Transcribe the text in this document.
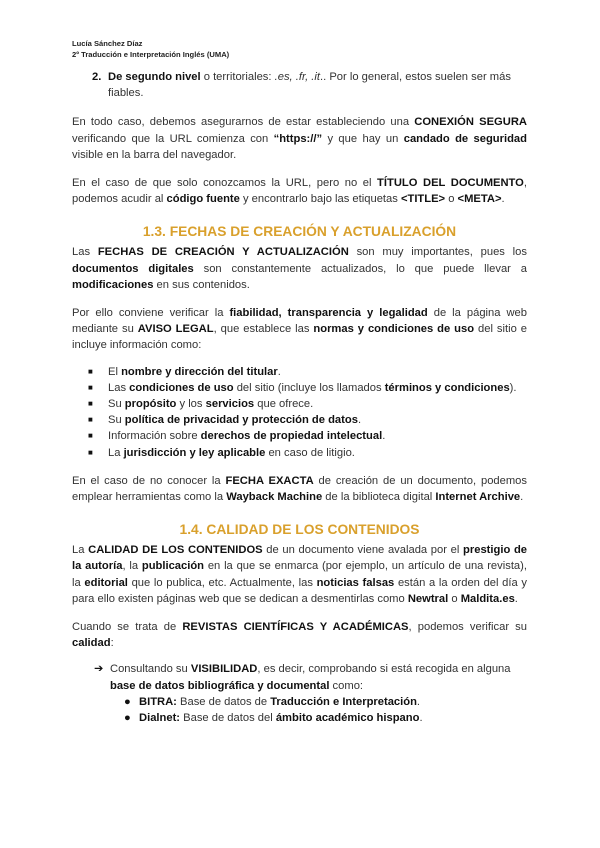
Lucía Sánchez Díaz
2º Traducción e Interpretación Inglés (UMA)
2. De segundo nivel o territoriales: .es, .fr, .it.. Por lo general, estos suelen ser más fiables.

En todo caso, debemos asegurarnos de estar estableciendo una CONEXIÓN SEGURA verificando que la URL comienza con “https://” y que hay un candado de seguridad visible en la barra del navegador.

En el caso de que solo conozcamos la URL, pero no el TÍTULO DEL DOCUMENTO, podemos acudir al código fuente y encontrarlo bajo las etiquetas <TITLE> o <META>.

1.3. FECHAS DE CREACIÓN Y ACTUALIZACIÓN

Las FECHAS DE CREACIÓN Y ACTUALIZACIÓN son muy importantes, pues los documentos digitales son constantemente actualizados, lo que puede llevar a modificaciones en sus contenidos.

Por ello conviene verificar la fiabilidad, transparencia y legalidad de la página web mediante su AVISO LEGAL, que establece las normas y condiciones de uso del sitio e incluye información como:

■	El nombre y dirección del titular.
■	Las condiciones de uso del sitio (incluye los llamados términos y condiciones).
■	Su propósito y los servicios que ofrece.
■	Su política de privacidad y protección de datos.
■	Información sobre derechos de propiedad intelectual.
■	La jurisdicción y ley aplicable en caso de litigio.

En el caso de no conocer la FECHA EXACTA de creación de un documento, podemos emplear herramientas como la Wayback Machine de la biblioteca digital Internet Archive.

1.4. CALIDAD DE LOS CONTENIDOS

La CALIDAD DE LOS CONTENIDOS de un documento viene avalada por el prestigio de la autoría, la publicación en la que se enmarca (por ejemplo, un artículo de una revista), la editorial que lo publica, etc. Actualmente, las noticias falsas están a la orden del día y para ello existen páginas web que se dedican a desmentirlas como Newtral o Maldita.es.

Cuando se trata de REVISTAS CIENTÍFICAS Y ACADÉMICAS, podemos verificar su calidad:

➔ Consultando su VISIBILIDAD, es decir, comprobando si está recogida en alguna base de datos bibliográfica y documental como:
● BITRA: Base de datos de Traducción e Interpretación.
● Dialnet: Base de datos del ámbito académico hispano.
